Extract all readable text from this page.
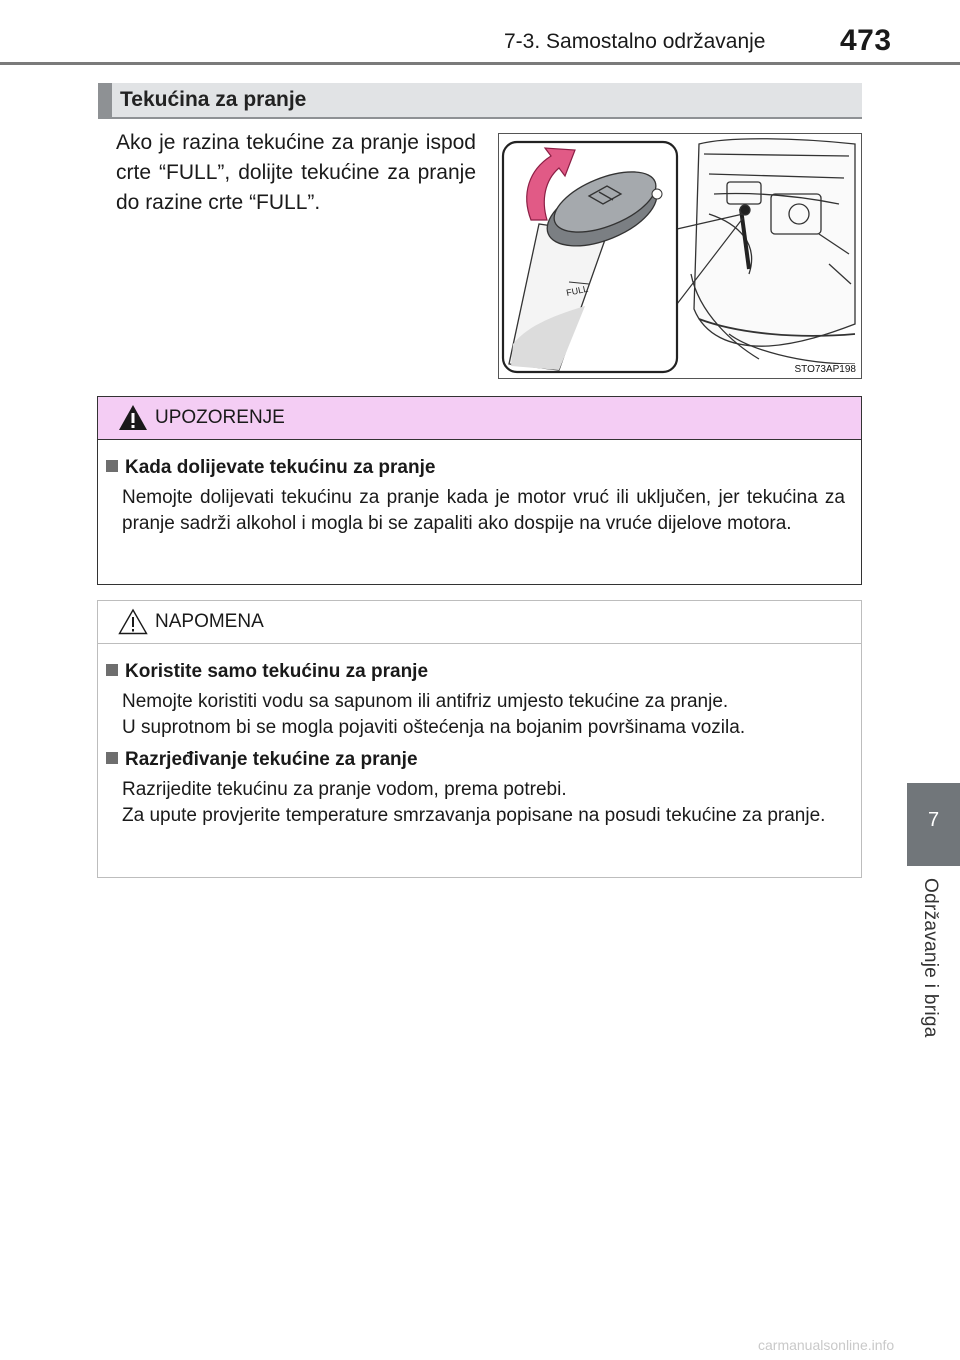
7-3. Samostalno održavanje 473
Tekućina za pranje
Ako je razina tekućine za pranje ispod crte “FULL”, dolijte tekućine za pranje do razine crte “FULL”.
FULL
STO73AP198
UPOZORENJE
Kada dolijevate tekućinu za pranje
Nemojte dolijevati tekućinu za pranje kada je motor vruć ili uključen, jer tekućina za pranje sadrži alkohol i mogla bi se zapaliti ako dospije na vruće dijelove motora.
NAPOMENA
Koristite samo tekućinu za pranje
Nemojte koristiti vodu sa sapunom ili antifriz umjesto tekućine za pranje.
U suprotnom bi se mogla pojaviti oštećenja na bojanim površinama vozila.
Razrjeđivanje tekućine za pranje
Razrijedite tekućinu za pranje vodom, prema potrebi.
Za upute provjerite temperature smrzavanja popisane na posudi tekućine za pranje.	7
Održavanje i briga
carmanualsonline.info
